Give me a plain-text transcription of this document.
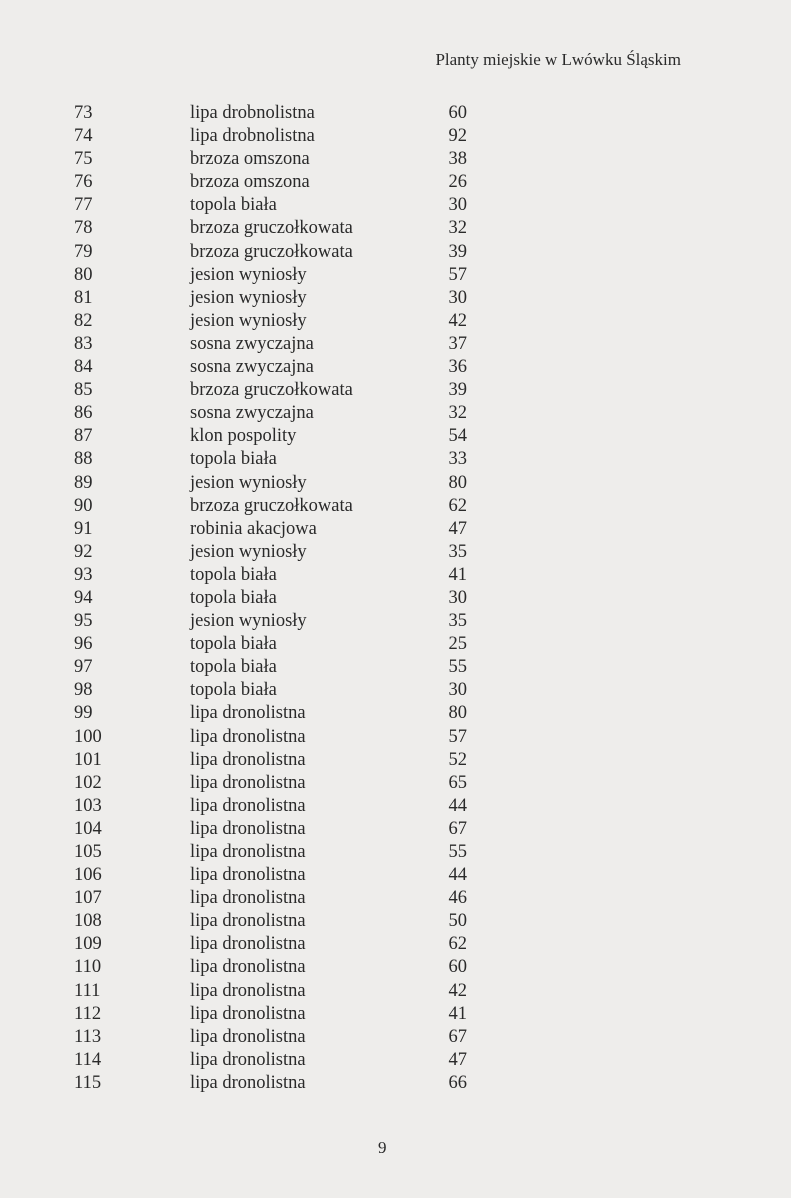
Planty miejskie w Lwówku Śląskim
73	lipa drobnolistna	60
74	lipa drobnolistna	92
75	brzoza omszona	38
76	brzoza omszona	26
77	topola biała	30
78	brzoza gruczołkowata	32
79	brzoza gruczołkowata	39
80	jesion wyniosły	57
81	jesion wyniosły	30
82	jesion wyniosły	42
83	sosna zwyczajna	37
84	sosna zwyczajna	36
85	brzoza gruczołkowata	39
86	sosna zwyczajna	32
87	klon pospolity	54
88	topola biała	33
89	jesion wyniosły	80
90	brzoza gruczołkowata	62
91	robinia akacjowa	47
92	jesion wyniosły	35
93	topola biała	41
94	topola biała	30
95	jesion wyniosły	35
96	topola biała	25
97	topola biała	55
98	topola biała	30
99	lipa dronolistna	80
100	lipa dronolistna	57
101	lipa dronolistna	52
102	lipa dronolistna	65
103	lipa dronolistna	44
104	lipa dronolistna	67
105	lipa dronolistna	55
106	lipa dronolistna	44
107	lipa dronolistna	46
108	lipa dronolistna	50
109	lipa dronolistna	62
110	lipa dronolistna	60
111	lipa dronolistna	42
112	lipa dronolistna	41
113	lipa dronolistna	67
114	lipa dronolistna	47
115	lipa dronolistna	66
9
